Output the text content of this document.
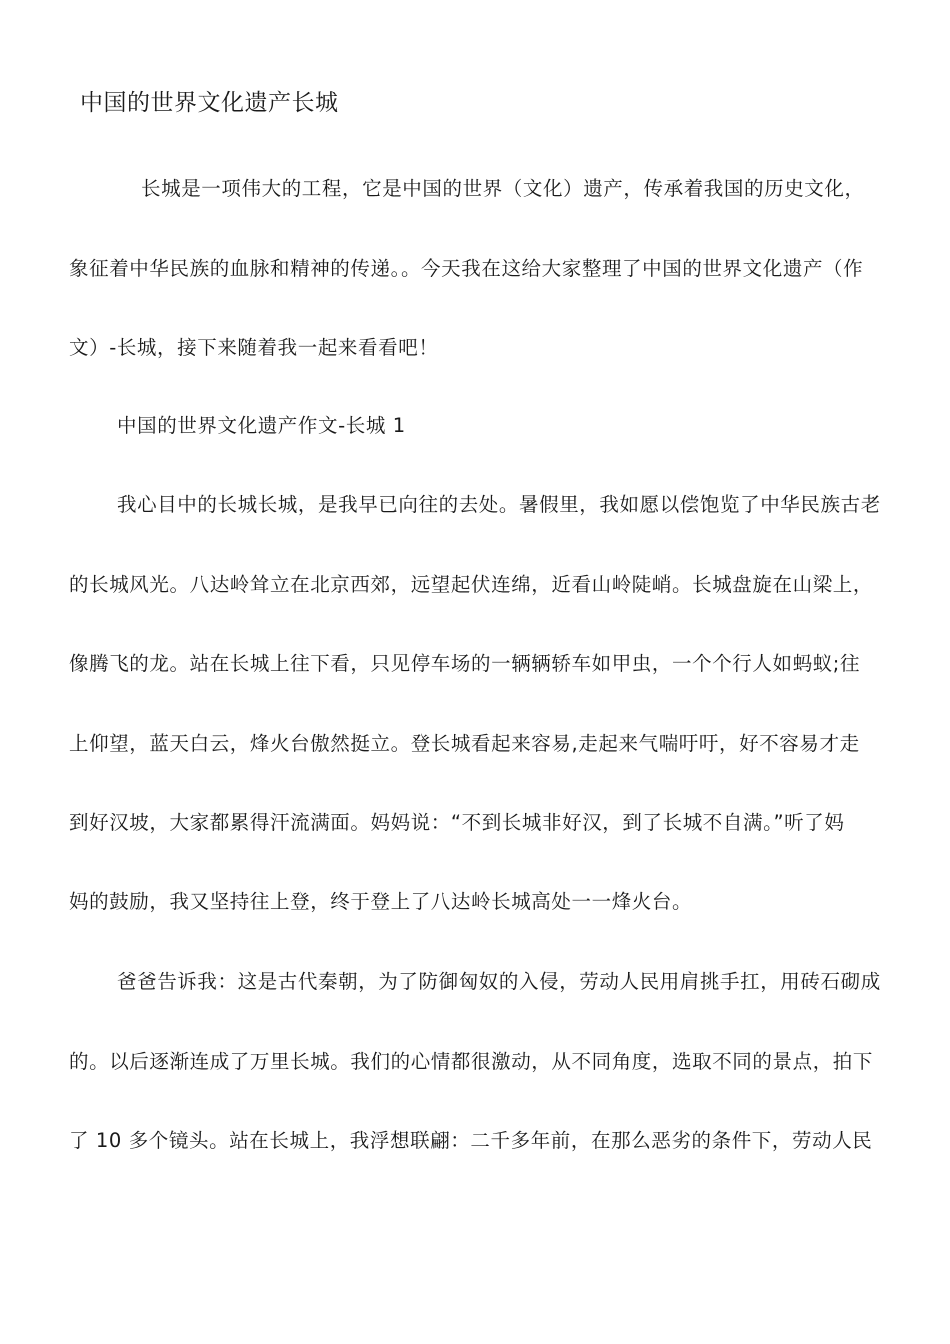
中国的世界文化遗产长城

长城是一项伟大的工程，它是中国的世界（文化）遗产，传承着我国的历史文化，

象征着中华民族的血脉和精神的传递。。今天我在这给大家整理了中国的世界文化遗产（作

文）-长城，接下来随着我一起来看看吧！

中国的世界文化遗产作文-长城 1

我心目中的长城长城，是我早已向往的去处。暑假里，我如愿以偿饱览了中华民族古老

的长城风光。八达岭耸立在北京西郊，远望起伏连绵，近看山岭陡峭。长城盘旋在山梁上，

像腾飞的龙。站在长城上往下看，只见停车场的一辆辆轿车如甲虫，一个个行人如蚂蚁;往

上仰望，蓝天白云，烽火台傲然挺立。登长城看起来容易,走起来气喘吁吁，好不容易才走

到好汉坡，大家都累得汗流满面。妈妈说：“不到长城非好汉，到了长城不自满。”听了妈

妈的鼓励，我又坚持往上登，终于登上了八达岭长城高处一一烽火台。

爸爸告诉我：这是古代秦朝，为了防御匈奴的入侵，劳动人民用肩挑手扛，用砖石砌成

的。以后逐渐连成了万里长城。我们的心情都很激动，从不同角度，选取不同的景点，拍下

了 10 多个镜头。站在长城上，我浮想联翩：二千多年前，在那么恶劣的条件下，劳动人民
